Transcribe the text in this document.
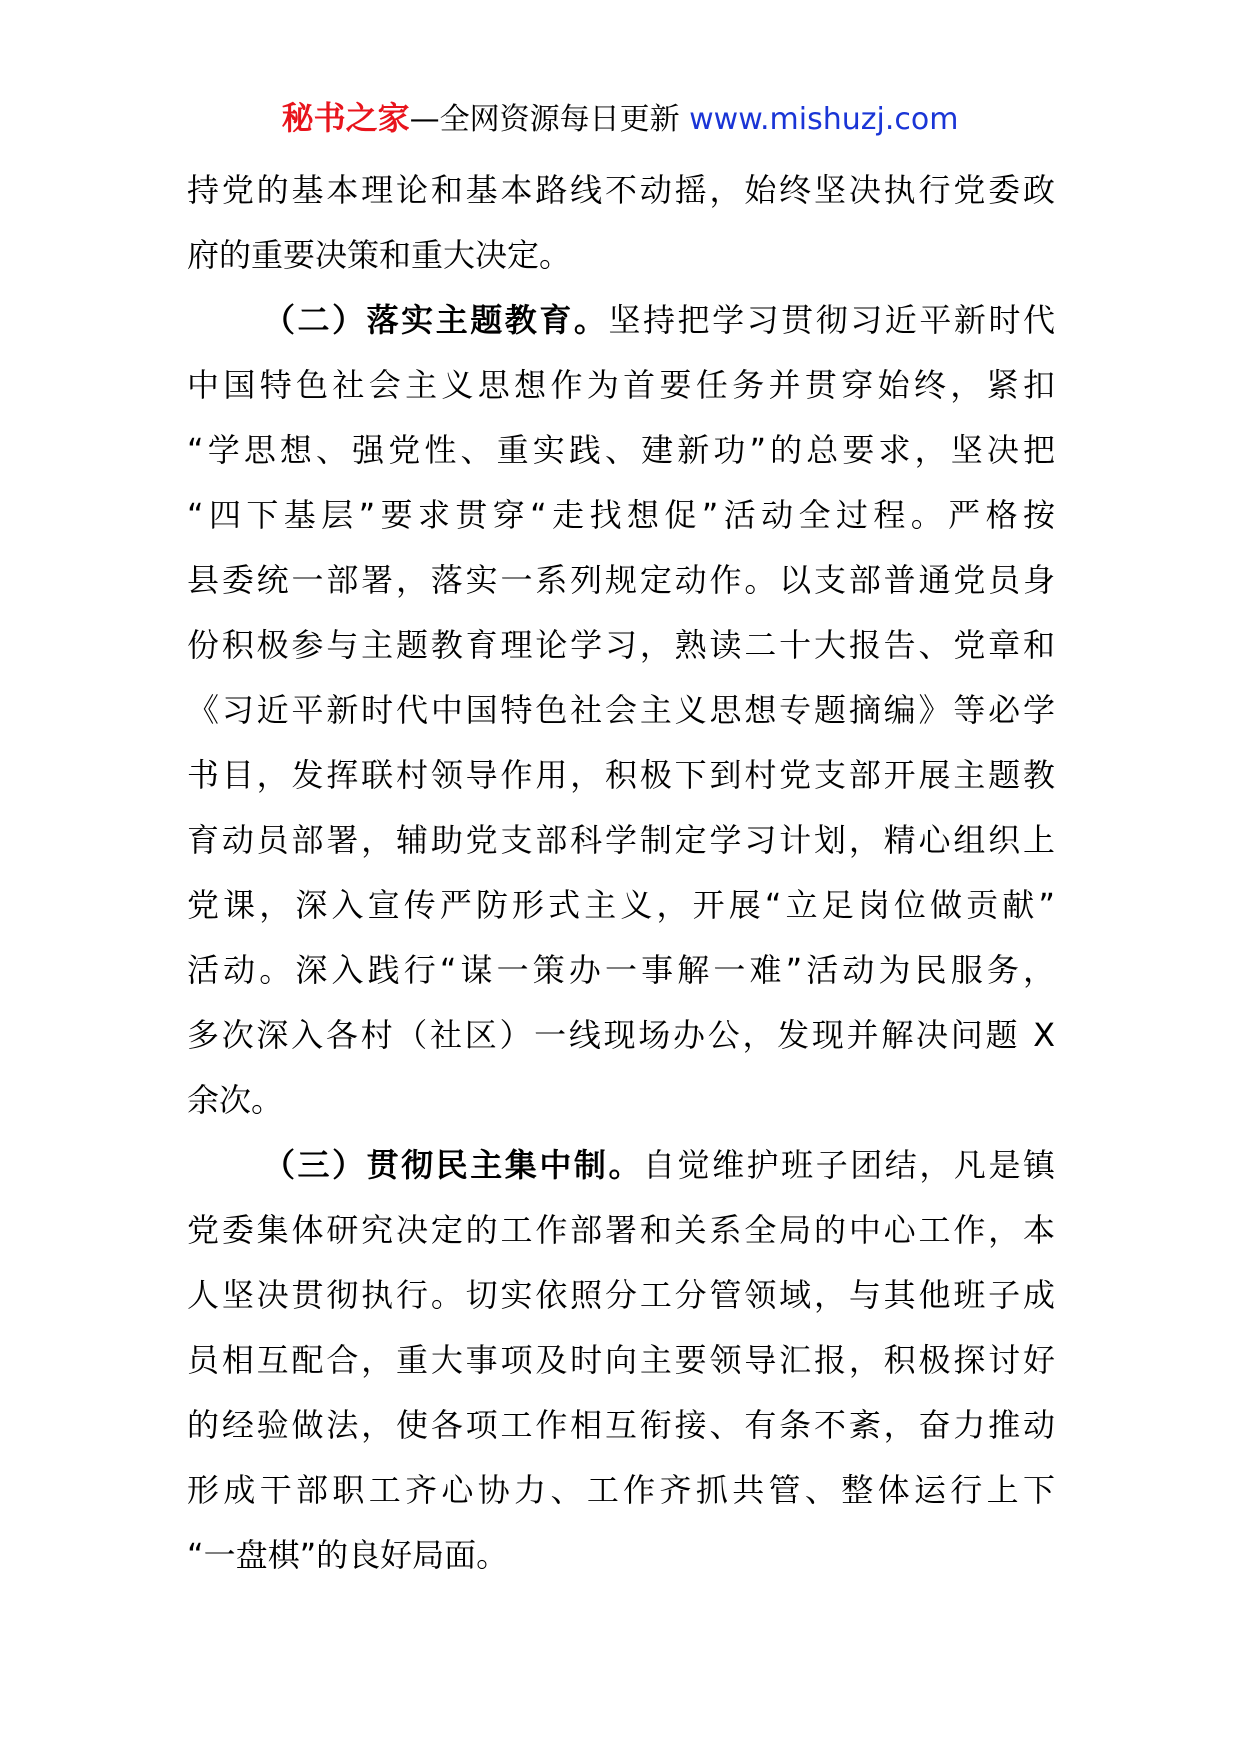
秘书之家—全网资源每日更新 www.mishuzj.com
持党的基本理论和基本路线不动摇，始终坚决执行党委政
府的重要决策和重大决定。
（二）落实主题教育。坚持把学习贯彻习近平新时代
中国特色社会主义思想作为首要任务并贯穿始终，紧扣
“学思想、强党性、重实践、建新功”的总要求，坚决把
“四下基层”要求贯穿“走找想促”活动全过程。严格按
县委统一部署，落实一系列规定动作。以支部普通党员身
份积极参与主题教育理论学习，熟读二十大报告、党章和
《习近平新时代中国特色社会主义思想专题摘编》等必学
书目，发挥联村领导作用，积极下到村党支部开展主题教
育动员部署，辅助党支部科学制定学习计划，精心组织上
党课，深入宣传严防形式主义，开展“立足岗位做贡献”
活动。深入践行“谋一策办一事解一难”活动为民服务，
多次深入各村（社区）一线现场办公，发现并解决问题 X
余次。
（三）贯彻民主集中制。自觉维护班子团结，凡是镇
党委集体研究决定的工作部署和关系全局的中心工作，本
人坚决贯彻执行。切实依照分工分管领域，与其他班子成
员相互配合，重大事项及时向主要领导汇报，积极探讨好
的经验做法，使各项工作相互衔接、有条不紊，奋力推动
形成干部职工齐心协力、工作齐抓共管、整体运行上下
“一盘棋”的良好局面。
